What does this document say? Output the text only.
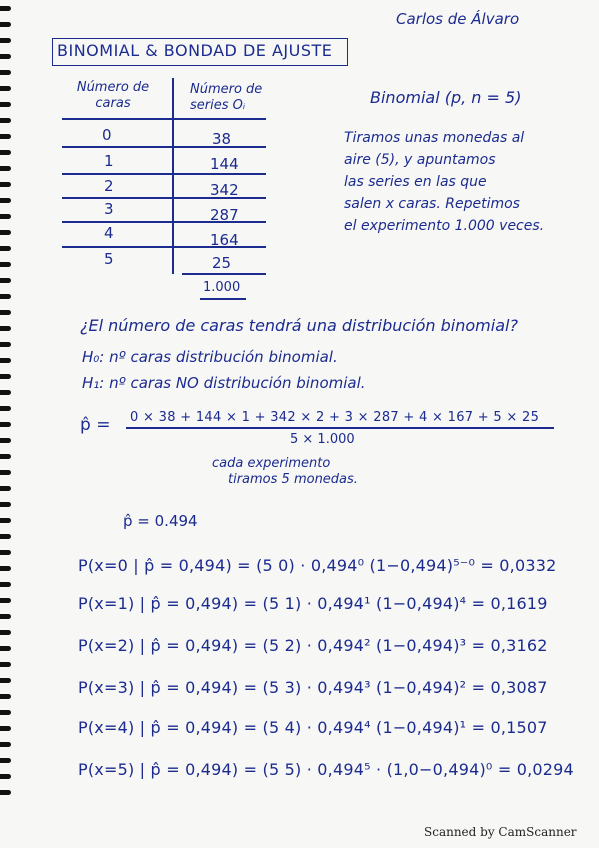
Carlos de Álvaro
BINOMIAL & BONDAD DE AJUSTE
Número de caras
Número de series Oᵢ
0	38
1	144
2	342
3	287
4	164
5	25
1.000
Binomial (p, n = 5)
Tiramos unas monedas al
aire (5), y apuntamos
las series en las que
salen x caras. Repetimos
el experimento 1.000 veces.
¿El número de caras tendrá una distribución binomial?
H₀: nº caras distribución binomial.
H₁: nº caras NO distribución binomial.
p̂ = 0 × 38 + 144 × 1 + 342 × 2 + 3 × 287 + 4 × 167 + 5 × 25
5 × 1.000
cada experimento
tiramos 5 monedas.
p̂ = 0.494
P(x=0 | p̂ = 0,494) = (5 0) · 0,494⁰ (1−0,494)⁵⁻⁰ = 0,0332
P(x=1) | p̂ = 0,494) = (5 1) · 0,494¹ (1−0,494)⁴ = 0,1619
P(x=2) | p̂ = 0,494) = (5 2) · 0,494² (1−0,494)³ = 0,3162
P(x=3) | p̂ = 0,494) = (5 3) · 0,494³ (1−0,494)² = 0,3087
P(x=4) | p̂ = 0,494) = (5 4) · 0,494⁴ (1−0,494)¹ = 0,1507
P(x=5) | p̂ = 0,494) = (5 5) · 0,494⁵ · (1,0−0,494)⁰ = 0,0294
Scanned by CamScanner
